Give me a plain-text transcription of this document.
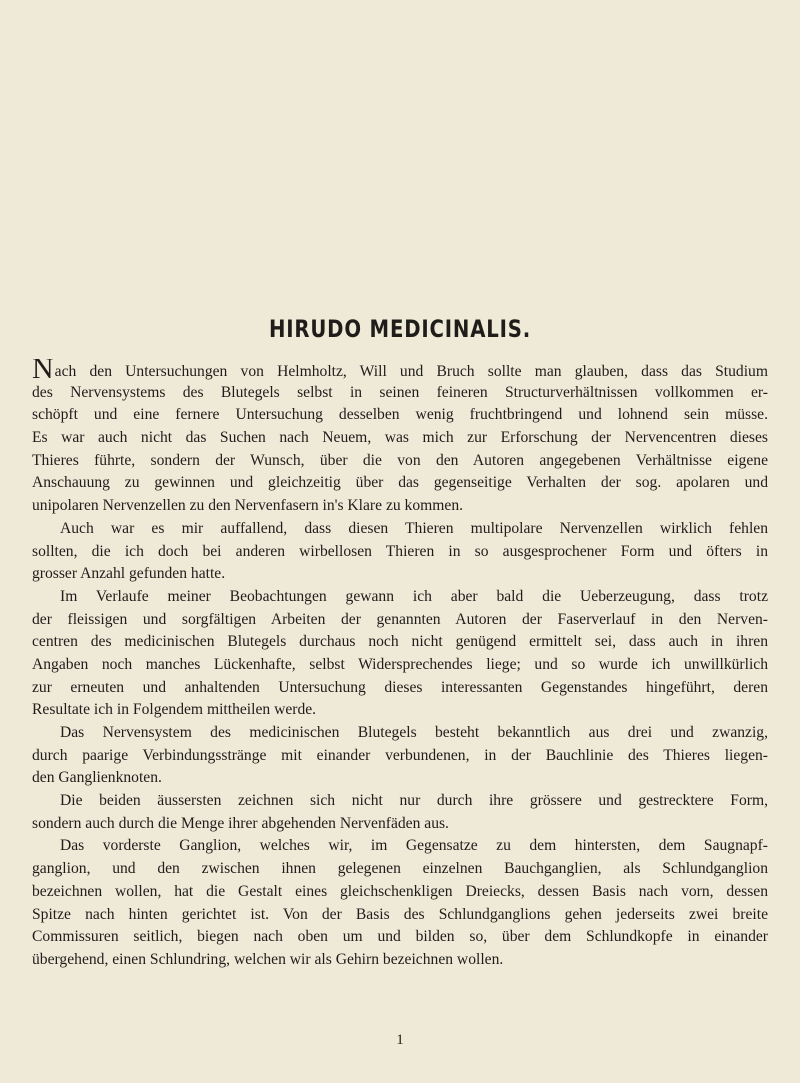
HIRUDO MEDICINALIS.
Nach den Untersuchungen von Helmholtz, Will und Bruch sollte man glauben, dass das Studium
des Nervensystems des Blutegels selbst in seinen feineren Structurverhältnissen vollkommen er-
schöpft und eine fernere Untersuchung desselben wenig fruchtbringend und lohnend sein müsse.
Es war auch nicht das Suchen nach Neuem, was mich zur Erforschung der Nervencentren dieses
Thieres führte, sondern der Wunsch, über die von den Autoren angegebenen Verhältnisse eigene
Anschauung zu gewinnen und gleichzeitig über das gegenseitige Verhalten der sog. apolaren und
unipolaren Nervenzellen zu den Nervenfasern in's Klare zu kommen.
Auch war es mir auffallend, dass diesen Thieren multipolare Nervenzellen wirklich fehlen
sollten, die ich doch bei anderen wirbellosen Thieren in so ausgesprochener Form und öfters in
grosser Anzahl gefunden hatte.
Im Verlaufe meiner Beobachtungen gewann ich aber bald die Ueberzeugung, dass trotz
der fleissigen und sorgfältigen Arbeiten der genannten Autoren der Faserverlauf in den Nerven-
centren des medicinischen Blutegels durchaus noch nicht genügend ermittelt sei, dass auch in ihren
Angaben noch manches Lückenhafte, selbst Widersprechendes liege; und so wurde ich unwillkürlich
zur erneuten und anhaltenden Untersuchung dieses interessanten Gegenstandes hingeführt, deren
Resultate ich in Folgendem mittheilen werde.
Das Nervensystem des medicinischen Blutegels besteht bekanntlich aus drei und zwanzig,
durch paarige Verbindungsstränge mit einander verbundenen, in der Bauchlinie des Thieres liegen-
den Ganglienknoten.
Die beiden äussersten zeichnen sich nicht nur durch ihre grössere und gestrecktere Form,
sondern auch durch die Menge ihrer abgehenden Nervenfäden aus.
Das vorderste Ganglion, welches wir, im Gegensatze zu dem hintersten, dem Saugnapf-
ganglion, und den zwischen ihnen gelegenen einzelnen Bauchganglien, als Schlundganglion
bezeichnen wollen, hat die Gestalt eines gleichschenkligen Dreiecks, dessen Basis nach vorn, dessen
Spitze nach hinten gerichtet ist. Von der Basis des Schlundganglions gehen jederseits zwei breite
Commissuren seitlich, biegen nach oben um und bilden so, über dem Schlundkopfe in einander
übergehend, einen Schlundring, welchen wir als Gehirn bezeichnen wollen.
1
